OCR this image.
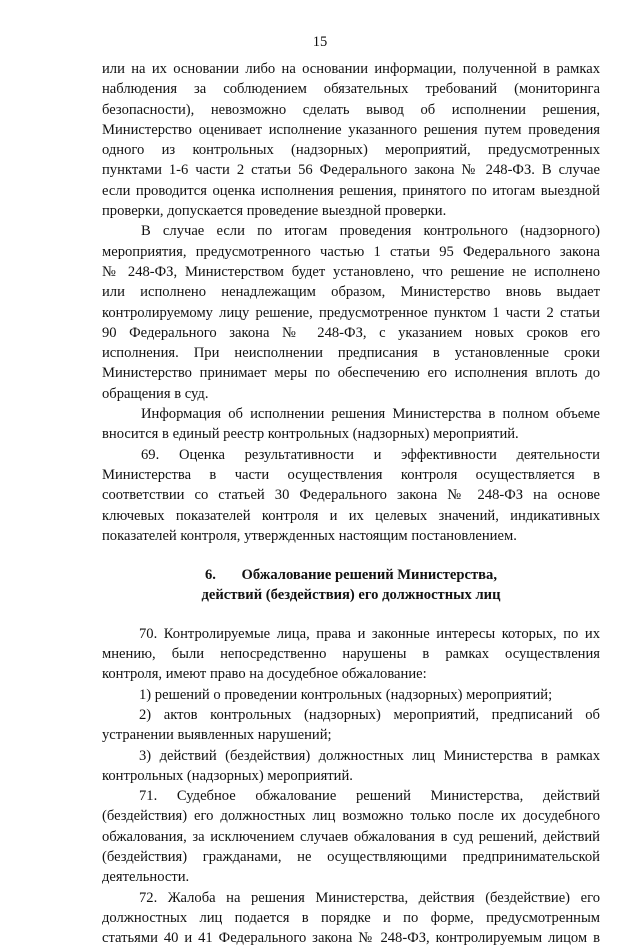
15
или на их основании либо на основании информации, полученной в рамках
наблюдения за соблюдением обязательных требований (мониторинга
безопасности), невозможно сделать вывод об исполнении решения,
Министерство оценивает исполнение указанного решения путем проведения
одного из контрольных (надзорных) мероприятий, предусмотренных
пунктами 1-6 части 2 статьи 56 Федерального закона № 248-ФЗ. В случае
если проводится оценка исполнения решения, принятого по итогам выездной
проверки, допускается проведение выездной проверки.
В случае если по итогам проведения контрольного (надзорного)
мероприятия, предусмотренного частью 1 статьи 95 Федерального закона
№ 248-ФЗ, Министерством будет установлено, что решение не исполнено
или исполнено ненадлежащим образом, Министерство вновь выдает
контролируемому лицу решение, предусмотренное пунктом 1 части 2 статьи
90 Федерального закона № 248-ФЗ, с указанием новых сроков его
исполнения. При неисполнении предписания в установленные сроки
Министерство принимает меры по обеспечению его исполнения вплоть до
обращения в суд.
Информация об исполнении решения Министерства в полном объеме
вносится в единый реестр контрольных (надзорных) мероприятий.
69. Оценка результативности и эффективности деятельности
Министерства в части осуществления контроля осуществляется в
соответствии со статьей 30 Федерального закона № 248-ФЗ на основе
ключевых показателей контроля и их целевых значений, индикативных
показателей контроля, утвержденных настоящим постановлением.
6.       Обжалование решений Министерства,
действий (бездействия) его должностных лиц
70. Контролируемые лица, права и законные интересы которых, по их
мнению, были непосредственно нарушены в рамках осуществления
контроля, имеют право на досудебное обжалование:
1) решений о проведении контрольных (надзорных) мероприятий;
2) актов контрольных (надзорных) мероприятий, предписаний об
устранении выявленных нарушений;
3) действий (бездействия) должностных лиц Министерства в рамках
контрольных (надзорных) мероприятий.
71. Судебное обжалование решений Министерства, действий
(бездействия) его должностных лиц возможно только после их досудебного
обжалования, за исключением случаев обжалования в суд решений, действий
(бездействия) гражданами, не осуществляющими предпринимательской
деятельности.
72. Жалоба на решения Министерства, действия (бездействие) его
должностных лиц подается в порядке и по форме, предусмотренным
статьями 40 и 41 Федерального закона № 248-ФЗ, контролируемым лицом в
